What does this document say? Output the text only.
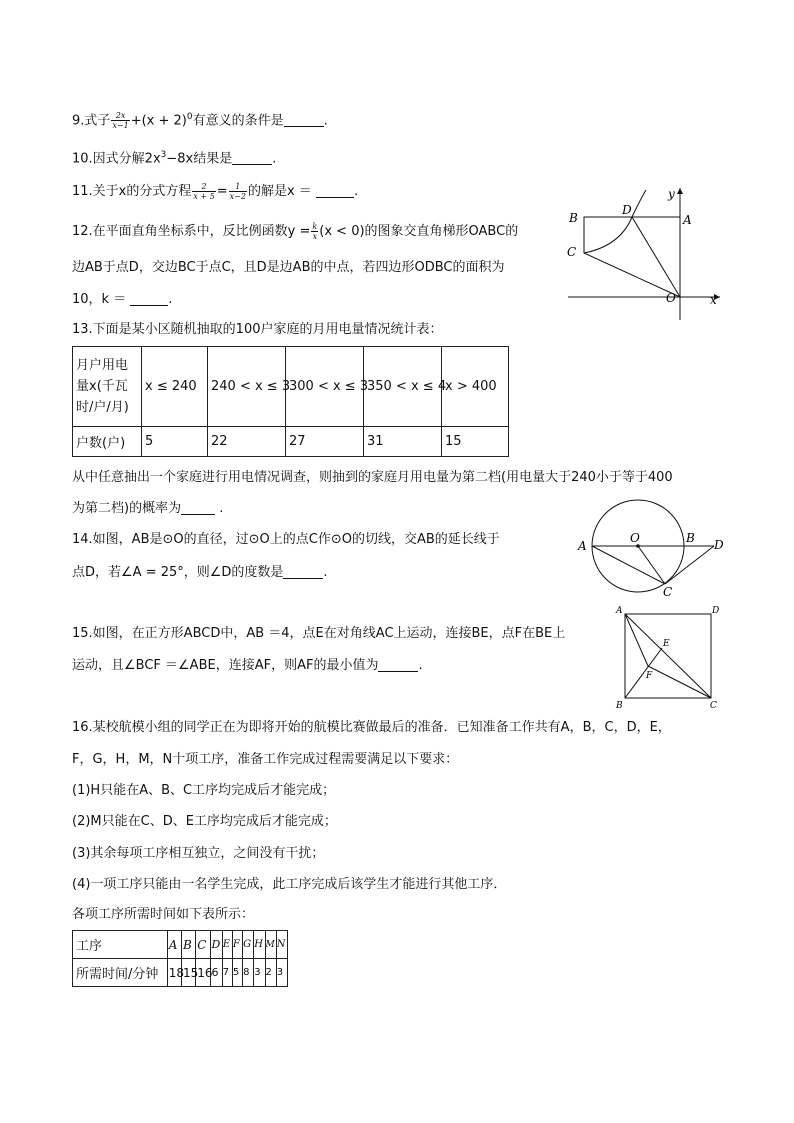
9.式子 $\frac{2x}{x-1} +(x + 2)^0$有意义的条件是	.
10.因式分解$2x^3-8x$结果是	.
11.关于x的分式方程 $\frac{2}{x + 5} = \frac{1}{x-2}$ 的解是x ＝	.
12.在平面直角坐标系中，反比例函数$y = \frac{k}{x} (x < 0)$的图象交直角梯形OABC的
边AB于点D，交边BC于点C，且D是边AB的中点，若四边形ODBC的面积为
10，k ＝	.
y
x
B
D
A
C
O
13.下面是某小区随机抽取的100户家庭的月用电量情况统计表：
月户用电
量x(千瓦
时/户/月)	x ≤ 240	240 < x ≤ 3	300 < x ≤ 3	350 < x ≤ 4	x > 400
户数(户)	5	22	27	31	15
从中任意抽出一个家庭进行用电情况调查，则抽到的家庭月用电量为第二档(用电量大于240小于等于400
为第二档)的概率为	.
14.如图，AB是⊙O的直径，过⊙O上的点C作⊙O的切线，交AB的延长线于
点D，若∠A = 25°，则∠D的度数是	.
A
O	B D
C
15.如图，在正方形ABCD中，AB ＝4，点E在对角线AC上运动，连接BE，点F在BE上
运动，且∠BCF ＝∠ABE，连接AF，则AF的最小值为	.
A	D
E
F
B	C
16.某校航模小组的同学正在为即将开始的航模比赛做最后的准备．已知准备工作共有A，B，C，D，E，
F，G，H，M，N十项工序，准备工作完成过程需要满足以下要求：
(1)H只能在A、B、C工序均完成后才能完成；
(2)M只能在C、D、E工序均完成后才能完成；
(3)其余每项工序相互独立，之间没有干扰；
(4)一项工序只能由一名学生完成，此工序完成后该学生才能进行其他工序．
各项工序所需时间如下表所示：
工序	A	B	C	D	E	F	G	H	M	N
所需时间/分钟	18	15	16	6	7	5	8	3	2	3
